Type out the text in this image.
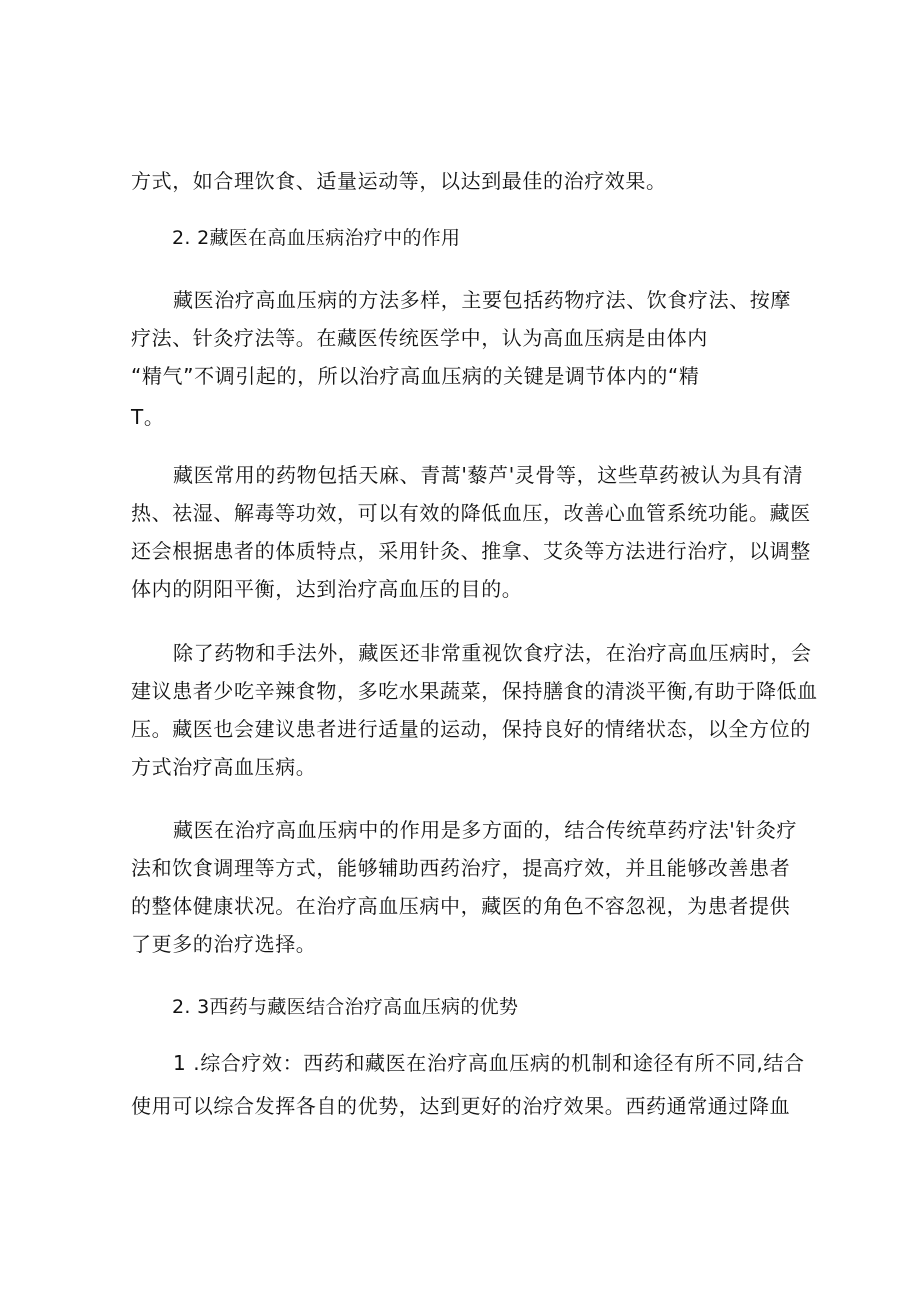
方式，如合理饮食、适量运动等，以达到最佳的治疗效果。
2. 2藏医在高血压病治疗中的作用
藏医治疗高血压病的方法多样，主要包括药物疗法、饮食疗法、按摩
疗法、针灸疗法等。在藏医传统医学中，认为高血压病是由体内
“精气”不调引起的，所以治疗高血压病的关键是调节体内的“精
T。
藏医常用的药物包括天麻、青蒿'藜芦'灵骨等，这些草药被认为具有清
热、祛湿、解毒等功效，可以有效的降低血压，改善心血管系统功能。藏医
还会根据患者的体质特点，采用针灸、推拿、艾灸等方法进行治疗，以调整
体内的阴阳平衡，达到治疗高血压的目的。
除了药物和手法外，藏医还非常重视饮食疗法，在治疗高血压病时，会
建议患者少吃辛辣食物，多吃水果蔬菜，保持膳食的清淡平衡,有助于降低血
压。藏医也会建议患者进行适量的运动，保持良好的情绪状态，以全方位的
方式治疗高血压病。
藏医在治疗高血压病中的作用是多方面的，结合传统草药疗法'针灸疗
法和饮食调理等方式，能够辅助西药治疗，提高疗效，并且能够改善患者
的整体健康状况。在治疗高血压病中，藏医的角色不容忽视，为患者提供
了更多的治疗选择。
2. 3西药与藏医结合治疗高血压病的优势
1 .综合疗效：西药和藏医在治疗高血压病的机制和途径有所不同,结合
使用可以综合发挥各自的优势，达到更好的治疗效果。西药通常通过降血
